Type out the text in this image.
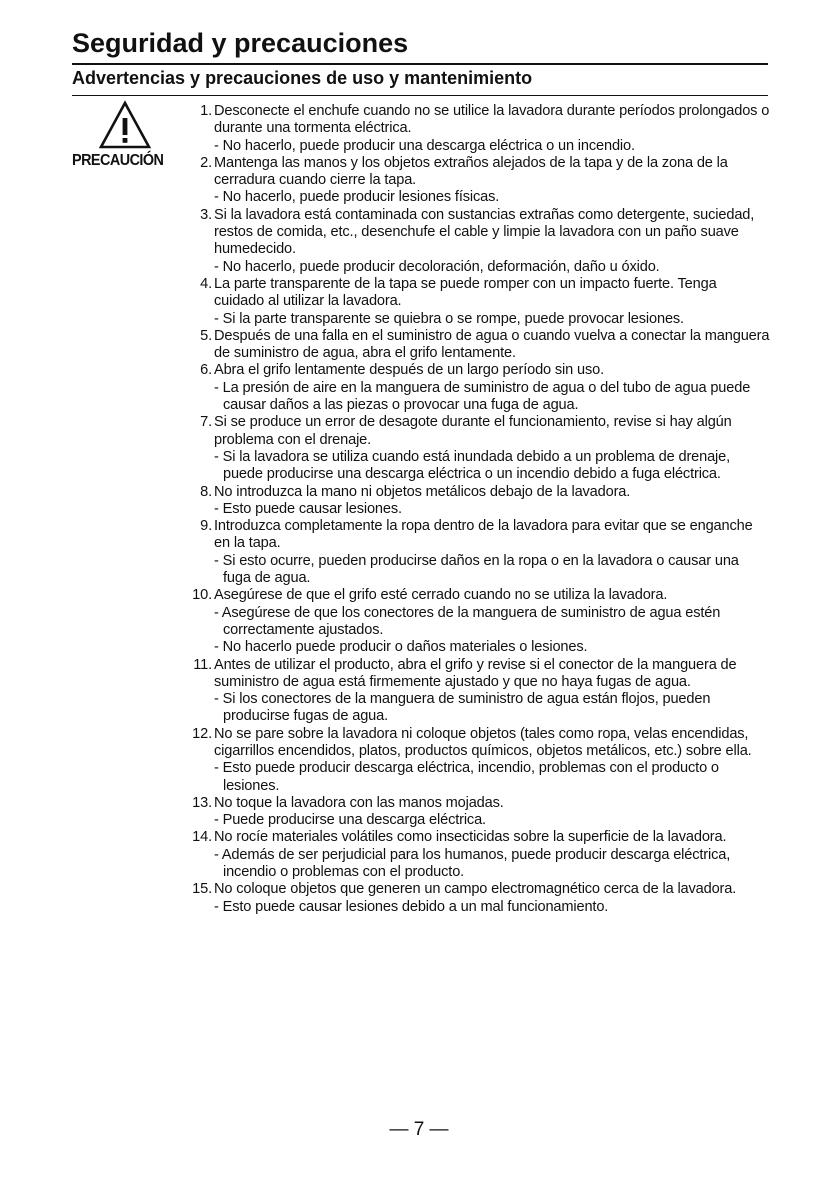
Seguridad y precauciones
Advertencias y precauciones de uso y mantenimiento
PRECAUCIÓN
1. Desconecte el enchufe cuando no se utilice la lavadora durante períodos prolongados o durante una tormenta eléctrica.
- No hacerlo, puede producir una descarga eléctrica o un incendio.
2. Mantenga las manos y los objetos extraños alejados de la tapa y de la zona de la cerradura cuando cierre la tapa.
- No hacerlo, puede producir lesiones físicas.
3. Si la lavadora está contaminada con sustancias extrañas como detergente, suciedad, restos de comida, etc., desenchufe el cable y limpie la lavadora con un paño suave humedecido.
- No hacerlo, puede producir decoloración, deformación, daño u óxido.
4. La parte transparente de la tapa se puede romper con un impacto fuerte. Tenga cuidado al utilizar la lavadora.
- Si la parte transparente se quiebra o se rompe, puede provocar lesiones.
5. Después de una falla en el suministro de agua o cuando vuelva a conectar la manguera de suministro de agua, abra el grifo lentamente.
6. Abra el grifo lentamente después de un largo período sin uso.
- La presión de aire en la manguera de suministro de agua o del tubo de agua puede causar daños a las piezas o provocar una fuga de agua.
7. Si se produce un error de desagote durante el funcionamiento, revise si hay algún problema con el drenaje.
- Si la lavadora se utiliza cuando está inundada debido a un problema de drenaje, puede producirse una descarga eléctrica o un incendio debido a fuga eléctrica.
8. No introduzca la mano ni objetos metálicos debajo de la lavadora.
- Esto puede causar lesiones.
9. Introduzca completamente la ropa dentro de la lavadora para evitar que se enganche en la tapa.
- Si esto ocurre, pueden producirse daños en la ropa o en la lavadora o causar una fuga de agua.
10. Asegúrese de que el grifo esté cerrado cuando no se utiliza la lavadora.
- Asegúrese de que los conectores de la manguera de suministro de agua estén correctamente ajustados.
- No hacerlo puede producir o daños materiales o lesiones.
11. Antes de utilizar el producto, abra el grifo y revise si el conector de la manguera de suministro de agua está firmemente ajustado y que no haya fugas de agua.
- Si los conectores de la manguera de suministro de agua están flojos, pueden producirse fugas de agua.
12. No se pare sobre la lavadora ni coloque objetos (tales como ropa, velas encendidas, cigarrillos encendidos, platos, productos químicos, objetos metálicos, etc.) sobre ella.
- Esto puede producir descarga eléctrica, incendio, problemas con el producto o lesiones.
13. No toque la lavadora con las manos mojadas.
- Puede producirse una descarga eléctrica.
14. No rocíe materiales volátiles como insecticidas sobre la superficie de la lavadora.
- Además de ser perjudicial para los humanos, puede producir descarga eléctrica, incendio o problemas con el producto.
15. No coloque objetos que generen un campo electromagnético cerca de la lavadora.
- Esto puede causar lesiones debido a un mal funcionamiento.
— 7 —
